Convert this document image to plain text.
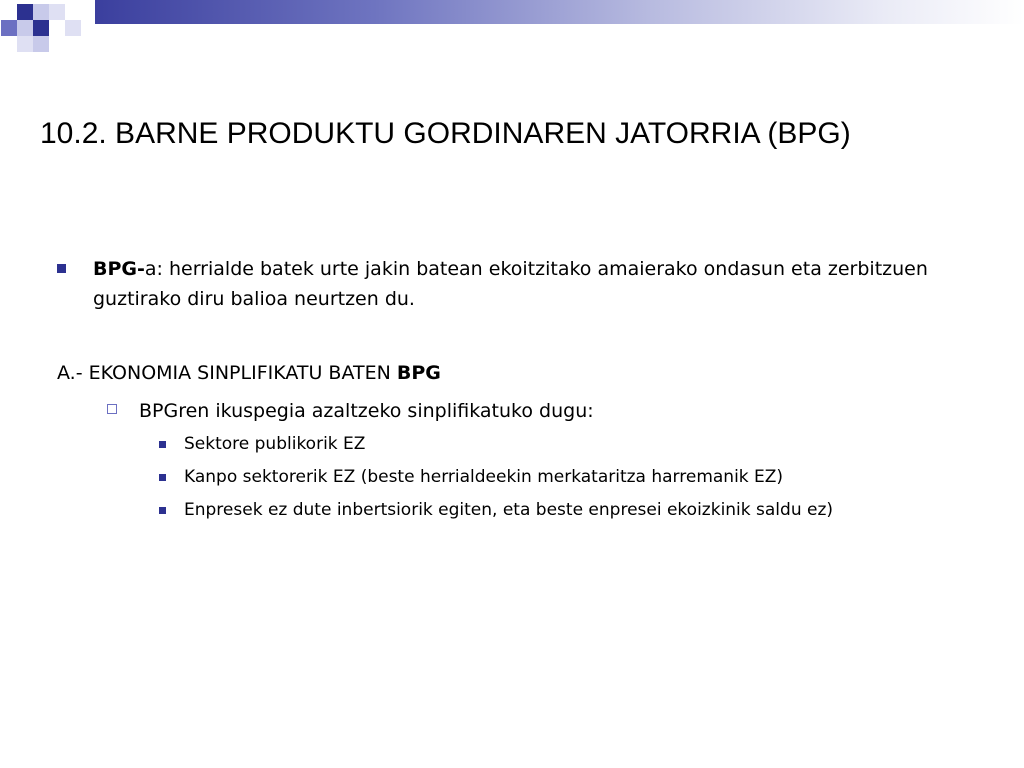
10.2. BARNE PRODUKTU GORDINAREN JATORRIA (BPG)
BPG-a: herrialde batek urte jakin batean ekoitzitako amaierako ondasun eta zerbitzuen guztirako diru balioa neurtzen du.
A.- EKONOMIA SINPLIFIKATU BATEN BPG
BPGren ikuspegia azaltzeko sinplifikatuko dugu:
Sektore publikorik EZ
Kanpo sektorerik EZ (beste herrialdeekin merkataritza harremanik EZ)
Enpresek ez dute inbertsiorik egiten, eta beste enpresei ekoizkinik saldu ez)
